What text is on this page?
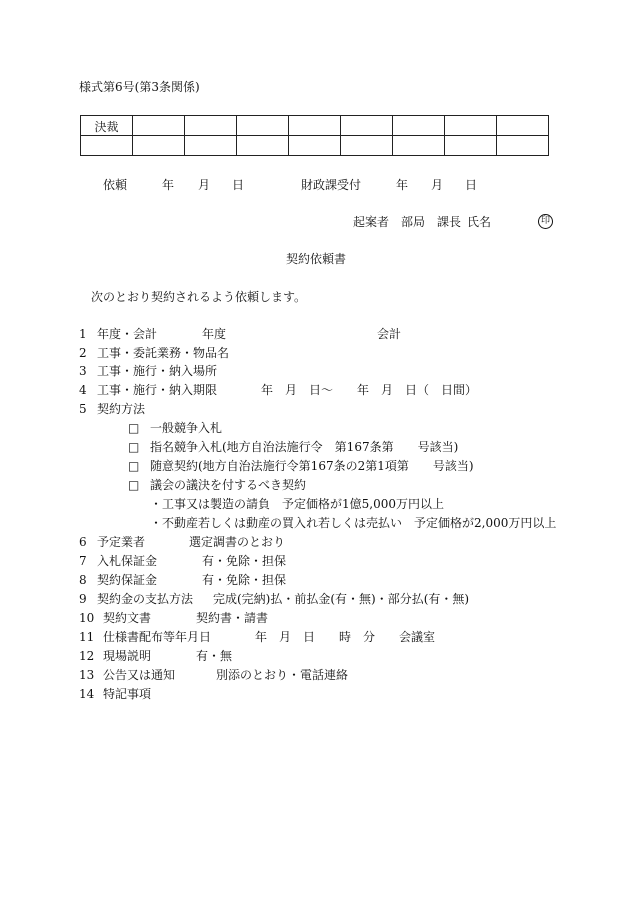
様式第6号(第3条関係)
決裁								

依頼	年 月 日	財政課受付	年 月 日
起案者 部局 課長 氏名	印
契約依頼書
次のとおり契約されるよう依頼します。
1 年度・会計	年度	会計
2 工事・委託業務・物品名
3 工事・施行・納入場所
4 工事・施行・納入期限	年　月　日～　　年　月　日（　日間）
5 契約方法
□ 一般競争入札
□ 指名競争入札(地方自治法施行令　第167条第　　号該当)
□ 随意契約(地方自治法施行令第167条の2第1項第　　号該当)
□ 議会の議決を付するべき契約
・工事又は製造の請負　予定価格が1億5,000万円以上
・不動産若しくは動産の買入れ若しくは売払い　予定価格が2,000万円以上
6 予定業者	選定調書のとおり
7 入札保証金	有・免除・担保
8 契約保証金	有・免除・担保
9 契約金の支払方法 完成(完納)払・前払金(有・無)・部分払(有・無)
10 契約文書	契約書・請書
11 仕様書配布等年月日	年　月　日　　時　分　　会議室
12 現場説明	有・無
13 公告又は通知	別添のとおり・電話連絡
14 特記事項
